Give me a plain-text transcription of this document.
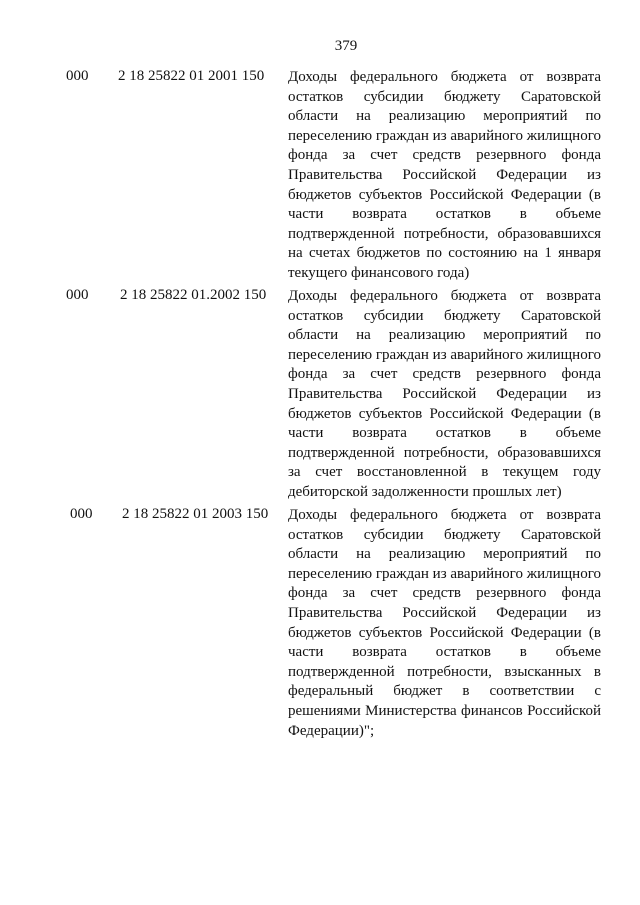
379
000 2 18 25822 01 2001 150 Доходы федерального бюджета от возврата остатков субсидии бюджету Саратовской области на реализацию мероприятий по переселению граждан из аварийного жилищного фонда за счет средств резервного фонда Правительства Российской Федерации из бюджетов субъектов Российской Федерации (в части возврата остатков в объеме подтвержденной потребности, образовавшихся на счетах бюджетов по состоянию на 1 января текущего финансового года)
000 2 18 25822 01.2002 150 Доходы федерального бюджета от возврата остатков субсидии бюджету Саратовской области на реализацию мероприятий по переселению граждан из аварийного жилищного фонда за счет средств резервного фонда Правительства Российской Федерации из бюджетов субъектов Российской Федерации (в части возврата остатков в объеме подтвержденной потребности, образовавшихся за счет восстановленной в текущем году дебиторской задолженности прошлых лет)
000 2 18 25822 01 2003 150 Доходы федерального бюджета от возврата остатков субсидии бюджету Саратовской области на реализацию мероприятий по переселению граждан из аварийного жилищного фонда за счет средств резервного фонда Правительства Российской Федерации из бюджетов субъектов Российской Федерации (в части возврата остатков в объеме подтвержденной потребности, взысканных в федеральный бюджет в соответствии с решениями Министерства финансов Российской Федерации)";
